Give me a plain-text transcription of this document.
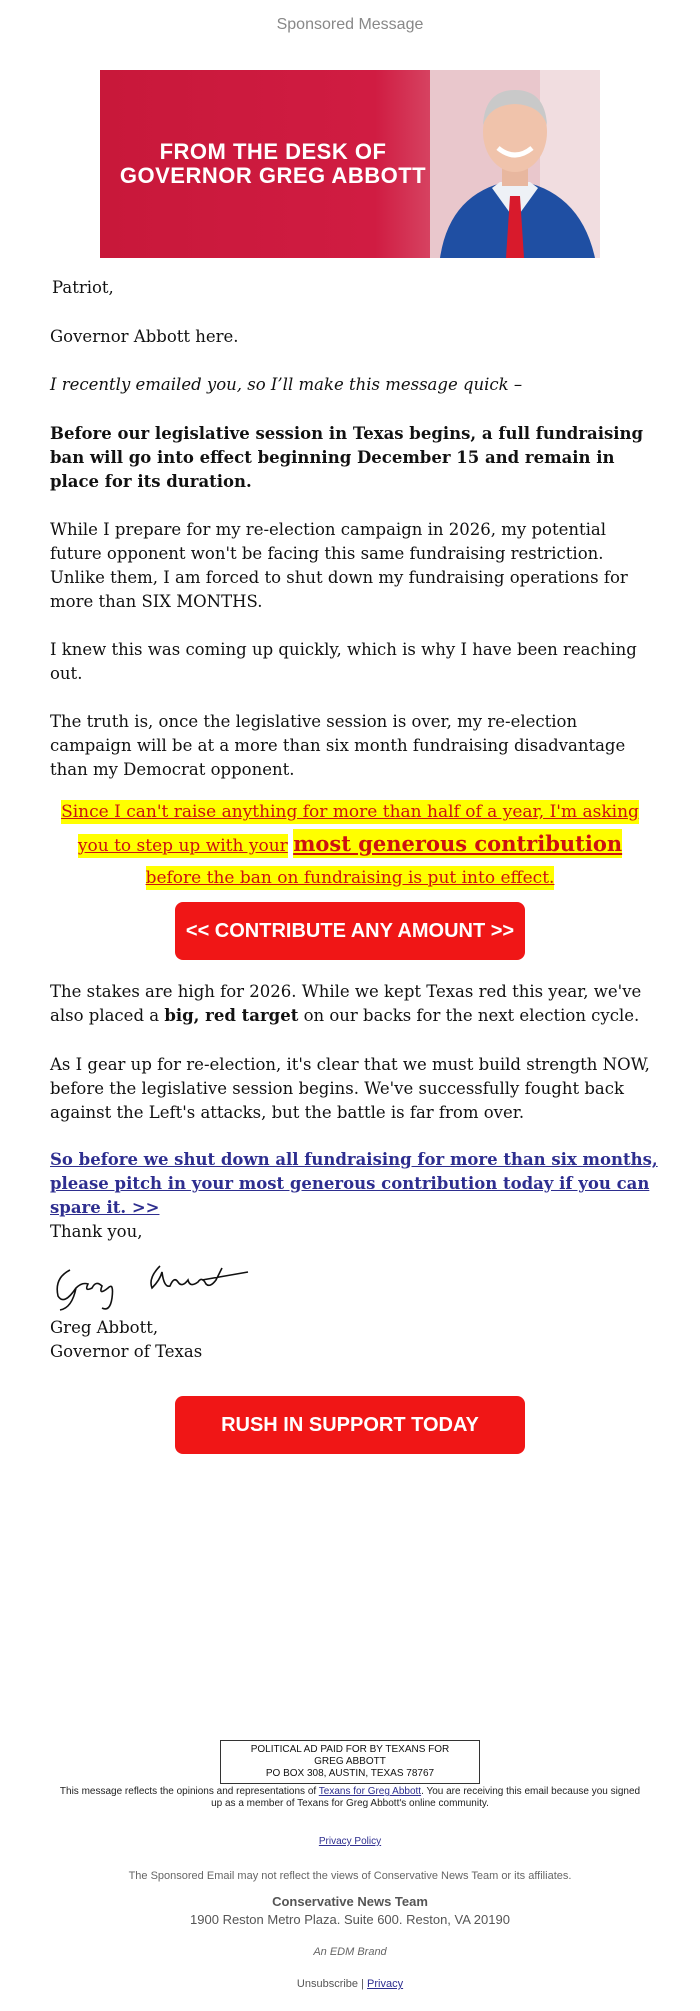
Sponsored Message
FROM THE DESK OF
GOVERNOR GREG ABBOTT
Patriot,
Governor Abbott here.
I recently emailed you, so I’ll make this message quick –
Before our legislative session in Texas begins, a full fundraising ban will go into effect beginning December 15 and remain in place for its duration.
While I prepare for my re-election campaign in 2026, my potential future opponent won't be facing this same fundraising restriction. Unlike them, I am forced to shut down my fundraising operations for more than SIX MONTHS.
I knew this was coming up quickly, which is why I have been reaching out.
The truth is, once the legislative session is over, my re-election campaign will be at a more than six month fundraising disadvantage than my Democrat opponent.
Since I can't raise anything for more than half of a year, I'm asking you to step up with your most generous contribution before the ban on fundraising is put into effect.
<< CONTRIBUTE ANY AMOUNT >>
The stakes are high for 2026. While we kept Texas red this year, we've also placed a big, red target on our backs for the next election cycle.
As I gear up for re-election, it's clear that we must build strength NOW, before the legislative session begins. We've successfully fought back against the Left's attacks, but the battle is far from over.
So before we shut down all fundraising for more than six months, please pitch in your most generous contribution today if you can spare it. >>
Thank you,
Greg Abbott,
Governor of Texas
RUSH IN SUPPORT TODAY
POLITICAL AD PAID FOR BY TEXANS FOR
GREG ABBOTT
PO BOX 308, AUSTIN, TEXAS 78767
This message reflects the opinions and representations of Texans for Greg Abbott. You are receiving this email because you signed up as a member of Texans for Greg Abbott's online community.
Privacy Policy
The Sponsored Email may not reflect the views of Conservative News Team or its affiliates.
Conservative News Team
1900 Reston Metro Plaza. Suite 600. Reston, VA 20190
An EDM Brand
Unsubscribe | Privacy
